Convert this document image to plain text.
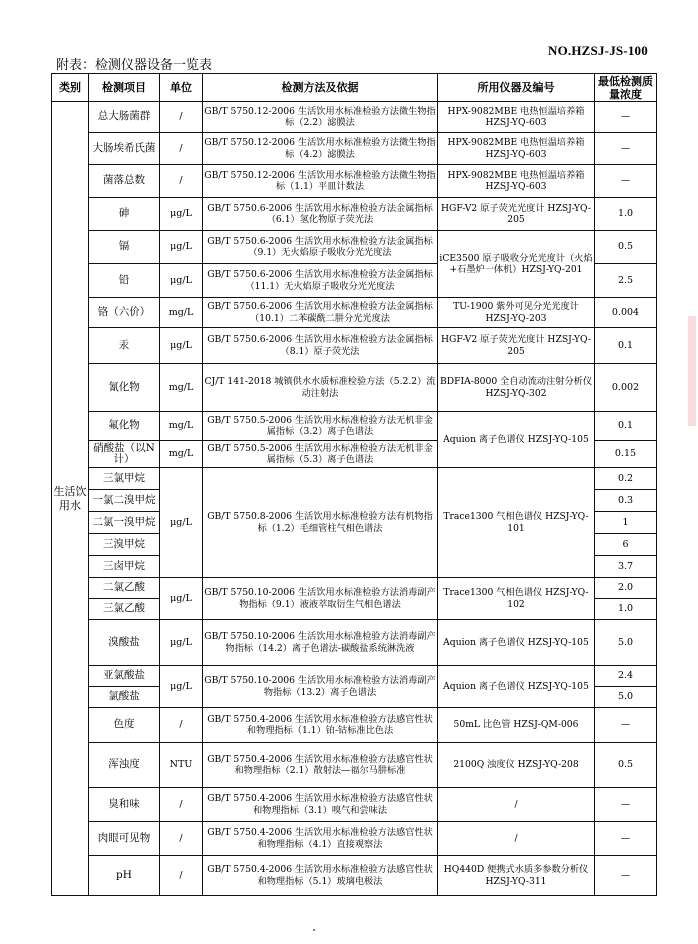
NO.HZSJ-JS-100
附表：检测仪器设备一览表
类别	检测项目	单位	检测方法及依据	所用仪器及编号	最低检测质量浓度
生活饮用水	总大肠菌群	/	GB/T 5750.12-2006 生活饮用水标准检验方法微生物指标（2.2）滤膜法	HPX-9082MBE 电热恒温培养箱 HZSJ-YQ-603	—
	大肠埃希氏菌	/	GB/T 5750.12-2006 生活饮用水标准检验方法微生物指标（4.2）滤膜法	HPX-9082MBE 电热恒温培养箱 HZSJ-YQ-603	—
	菌落总数	/	GB/T 5750.12-2006 生活饮用水标准检验方法微生物指标（1.1）平皿计数法	HPX-9082MBE 电热恒温培养箱 HZSJ-YQ-603	—
	砷	μg/L	GB/T 5750.6-2006 生活饮用水标准检验方法金属指标（6.1）氢化物原子荧光法	HGF-V2 原子荧光光度计 HZSJ-YQ-205	1.0
	镉	μg/L	GB/T 5750.6-2006 生活饮用水标准检验方法金属指标（9.1）无火焰原子吸收分光光度法	iCE3500 原子吸收分光光度计（火焰+石墨炉一体机）HZSJ-YQ-201	0.5
	铅	μg/L	GB/T 5750.6-2006 生活饮用水标准检验方法金属指标（11.1）无火焰原子吸收分光光度法		2.5
	铬（六价）	mg/L	GB/T 5750.6-2006 生活饮用水标准检验方法金属指标 （10.1）二苯碳酰二肼分光光度法	TU-1900 紫外可见分光光度计 HZSJ-YQ-203	0.004
	汞	μg/L	GB/T 5750.6-2006 生活饮用水标准检验方法金属指标（8.1）原子荧光法	HGF-V2 原子荧光光度计 HZSJ-YQ-205	0.1
	氰化物	mg/L	CJ/T 141-2018 城镇供水水质标准检验方法（5.2.2）流动注射法	BDFIA-8000 全自动流动注射分析仪 HZSJ-YQ-302	0.002
	氟化物	mg/L	GB/T 5750.5-2006 生活饮用水标准检验方法无机非金属指标（3.2）离子色谱法	Aquion 离子色谱仪 HZSJ-YQ-105	0.1
	硝酸盐（以N计）	mg/L	GB/T 5750.5-2006 生活饮用水标准检验方法无机非金属指标（5.3）离子色谱法		0.15
	三氯甲烷	μg/L	GB/T 5750.8-2006 生活饮用水标准检验方法有机物指标（1.2）毛细管柱气相色谱法	Trace1300 气相色谱仪 HZSJ-YQ-101	0.2
	一氯二溴甲烷				0.3
	二氯一溴甲烷				1
	三溴甲烷				6
	三卤甲烷				3.7
	二氯乙酸	μg/L	GB/T 5750.10-2006 生活饮用水标准检验方法消毒副产物指标（9.1）液液萃取衍生气相色谱法	Trace1300 气相色谱仪 HZSJ-YQ-102	2.0
	三氯乙酸				1.0
	溴酸盐	μg/L	GB/T 5750.10-2006 生活饮用水标准检验方法消毒副产物指标（14.2）离子色谱法-碳酸盐系统淋洗液	Aquion 离子色谱仪 HZSJ-YQ-105	5.0
	亚氯酸盐	μg/L	GB/T 5750.10-2006 生活饮用水标准检验方法消毒副产物指标（13.2）离子色谱法	Aquion 离子色谱仪 HZSJ-YQ-105	2.4
	氯酸盐				5.0
	色度	/	GB/T 5750.4-2006 生活饮用水标准检验方法感官性状和物理指标（1.1）铂-钴标准比色法	50mL 比色管 HZSJ-QM-006	—
	浑浊度	NTU	GB/T 5750.4-2006 生活饮用水标准检验方法感官性状和物理指标（2.1）散射法—福尔马肼标准	2100Q 浊度仪 HZSJ-YQ-208	0.5
	臭和味	/	GB/T 5750.4-2006 生活饮用水标准检验方法感官性状和物理指标（3.1）嗅气和尝味法	/	—
	肉眼可见物	/	GB/T 5750.4-2006 生活饮用水标准检验方法感官性状和物理指标（4.1）直接观察法	/	—
	pH	/	GB/T 5750.4-2006 生活饮用水标准检验方法感官性状和物理指标（5.1）玻璃电极法	HQ440D 便携式水质多参数分析仪 HZSJ-YQ-311	—
